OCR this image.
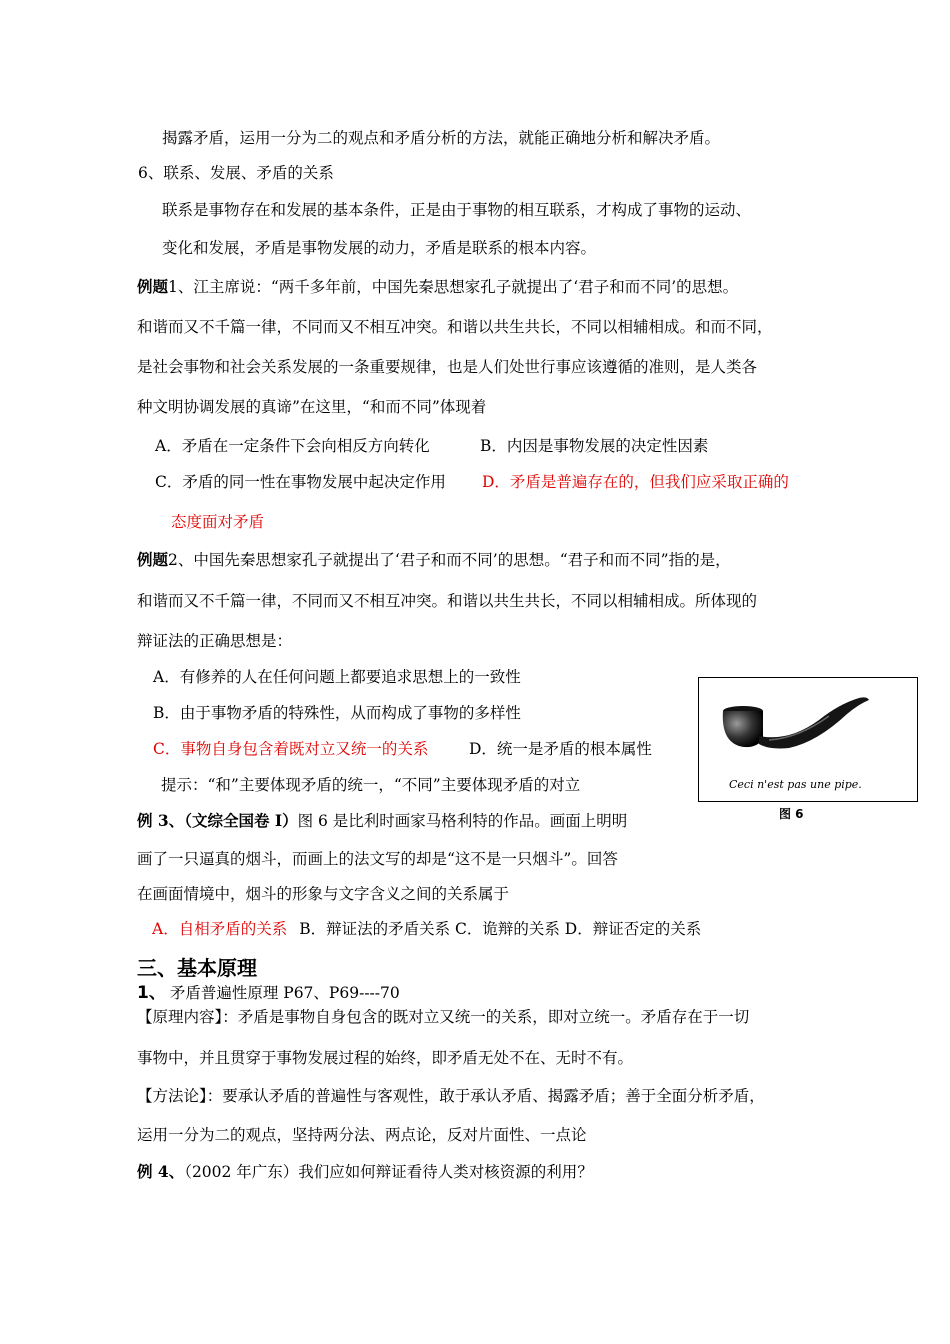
揭露矛盾，运用一分为二的观点和矛盾分析的方法，就能正确地分析和解决矛盾。
6、联系、发展、矛盾的关系
联系是事物存在和发展的基本条件，正是由于事物的相互联系，才构成了事物的运动、
变化和发展，矛盾是事物发展的动力，矛盾是联系的根本内容。
例题1、江主席说：“两千多年前，中国先秦思想家孔子就提出了‘君子和而不同’的思想。
和谐而又不千篇一律，不同而又不相互冲突。和谐以共生共长，不同以相辅相成。和而不同，
是社会事物和社会关系发展的一条重要规律，也是人们处世行事应该遵循的准则，是人类各
种文明协调发展的真谛”在这里，“和而不同”体现着
A．矛盾在一定条件下会向相反方向转化	B．内因是事物发展的决定性因素
C．矛盾的同一性在事物发展中起决定作用 D．矛盾是普遍存在的，但我们应采取正确的
态度面对矛盾
例题2、中国先秦思想家孔子就提出了‘君子和而不同’的思想。“君子和而不同”指的是，
和谐而又不千篇一律，不同而又不相互冲突。和谐以共生共长，不同以相辅相成。所体现的
辩证法的正确思想是：
A．有修养的人在任何问题上都要追求思想上的一致性
B．由于事物矛盾的特殊性，从而构成了事物的多样性
C．事物自身包含着既对立又统一的关系	D．统一是矛盾的根本属性
提示：“和”主要体现矛盾的统一，“不同”主要体现矛盾的对立	Ceci n'est pas une pipe.
图 6
例 3、（文综全国卷 I）图 6 是比利时画家马格利特的作品。画面上明明
画了一只逼真的烟斗，而画上的法文写的却是“这不是一只烟斗”。回答
在画面情境中，烟斗的形象与文字含义之间的关系属于
A．自相矛盾的关系 B．辩证法的矛盾关系 C．诡辩的关系 D．辩证否定的关系
三、基本原理
1、 矛盾普遍性原理 P67、P69----70
【原理内容】：矛盾是事物自身包含的既对立又统一的关系，即对立统一。矛盾存在于一切
事物中，并且贯穿于事物发展过程的始终，即矛盾无处不在、无时不有。
【方法论】：要承认矛盾的普遍性与客观性，敢于承认矛盾、揭露矛盾；善于全面分析矛盾，
运用一分为二的观点，坚持两分法、两点论，反对片面性、一点论
例 4、（2002 年广东）我们应如何辩证看待人类对核资源的利用？
